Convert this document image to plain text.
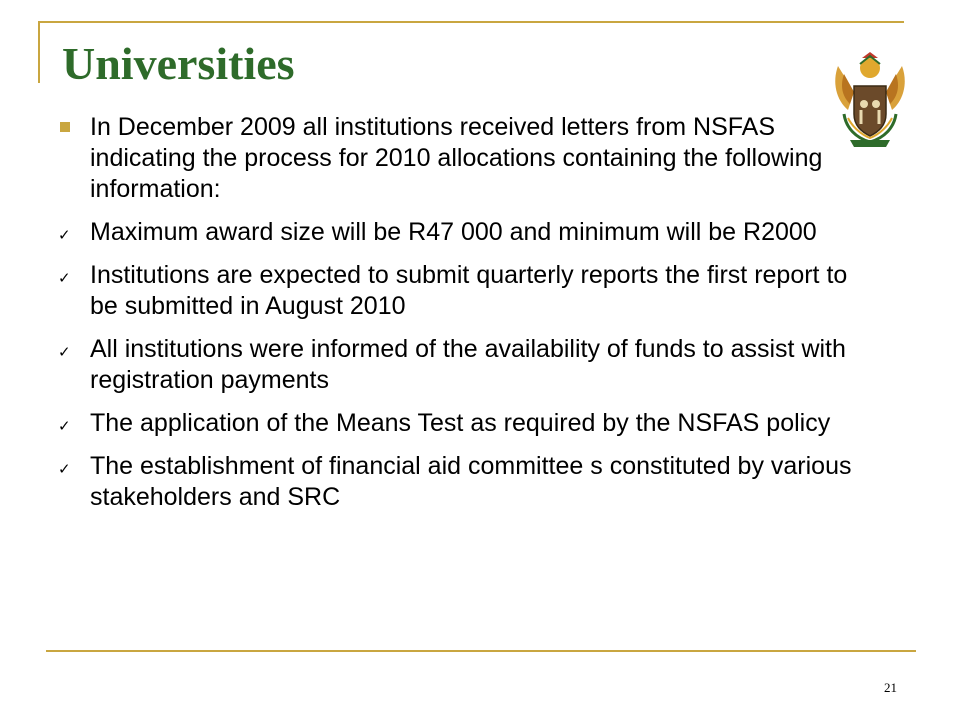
Universities
In December 2009 all institutions received letters from NSFAS indicating the process for 2010 allocations containing the following information:
✓ Maximum award size will be R47 000 and minimum will be R2000
✓ Institutions are expected to submit quarterly reports the first report to be submitted in August 2010
✓ All institutions were informed of the availability of funds to assist with registration payments
✓ The application of the Means Test as required by the NSFAS policy
✓ The establishment of financial aid committee s constituted by various stakeholders and SRC
21
